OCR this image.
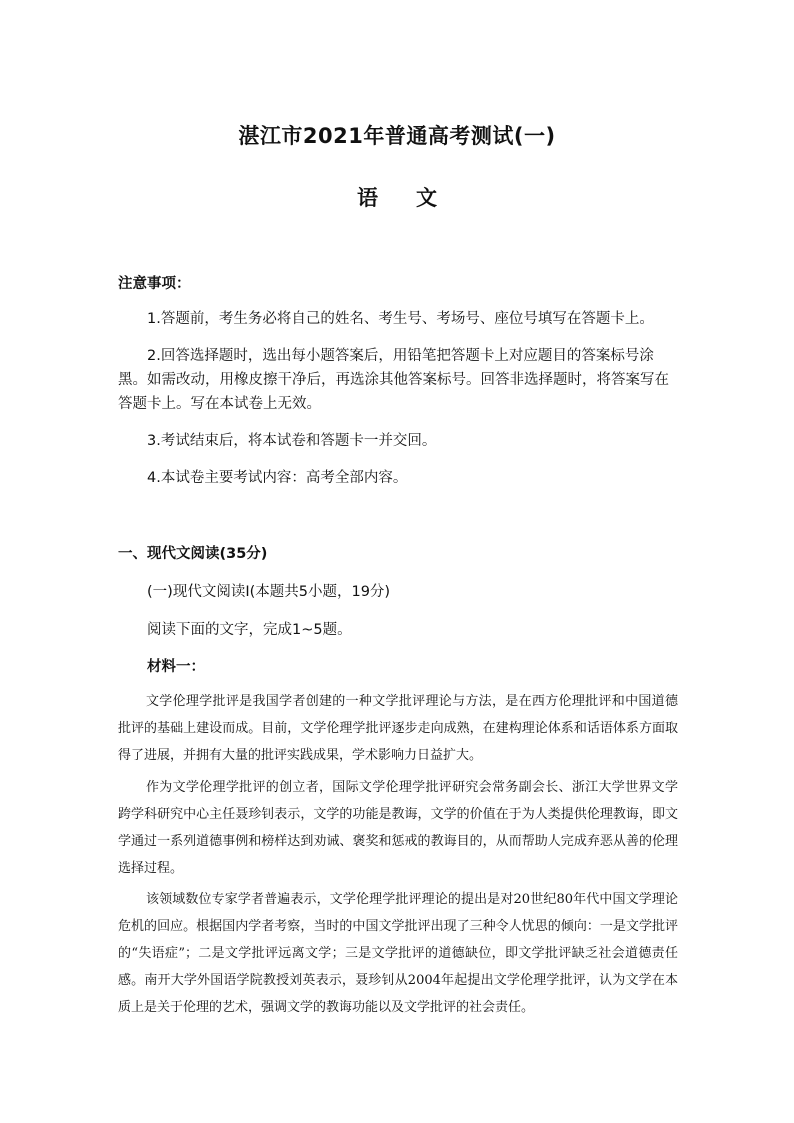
湛江市2021年普通高考测试(一)
语文
注意事项：
1.答题前，考生务必将自己的姓名、考生号、考场号、座位号填写在答题卡上。
2.回答选择题时，选出每小题答案后，用铅笔把答题卡上对应题目的答案标号涂黑。如需改动，用橡皮擦干净后，再选涂其他答案标号。回答非选择题时，将答案写在答题卡上。写在本试卷上无效。
3.考试结束后，将本试卷和答题卡一并交回。
4.本试卷主要考试内容：高考全部内容。
一、现代文阅读(35分)
(一)现代文阅读Ⅰ(本题共5小题，19分)
阅读下面的文字，完成1~5题。
材料一：
文学伦理学批评是我国学者创建的一种文学批评理论与方法，是在西方伦理批评和中国道德批评的基础上建设而成。目前，文学伦理学批评逐步走向成熟，在建构理论体系和话语体系方面取得了进展，并拥有大量的批评实践成果，学术影响力日益扩大。
作为文学伦理学批评的创立者，国际文学伦理学批评研究会常务副会长、浙江大学世界文学跨学科研究中心主任聂珍钊表示，文学的功能是教诲，文学的价值在于为人类提供伦理教诲，即文学通过一系列道德事例和榜样达到劝诫、褒奖和惩戒的教诲目的，从而帮助人完成弃恶从善的伦理选择过程。
该领域数位专家学者普遍表示，文学伦理学批评理论的提出是对20世纪80年代中国文学理论危机的回应。根据国内学者考察，当时的中国文学批评出现了三种令人忧思的倾向：一是文学批评的“失语症”；二是文学批评远离文学；三是文学批评的道德缺位，即文学批评缺乏社会道德责任感。南开大学外国语学院教授刘英表示，聂珍钊从2004年起提出文学伦理学批评，认为文学在本质上是关于伦理的艺术，强调文学的教诲功能以及文学批评的社会责任。
